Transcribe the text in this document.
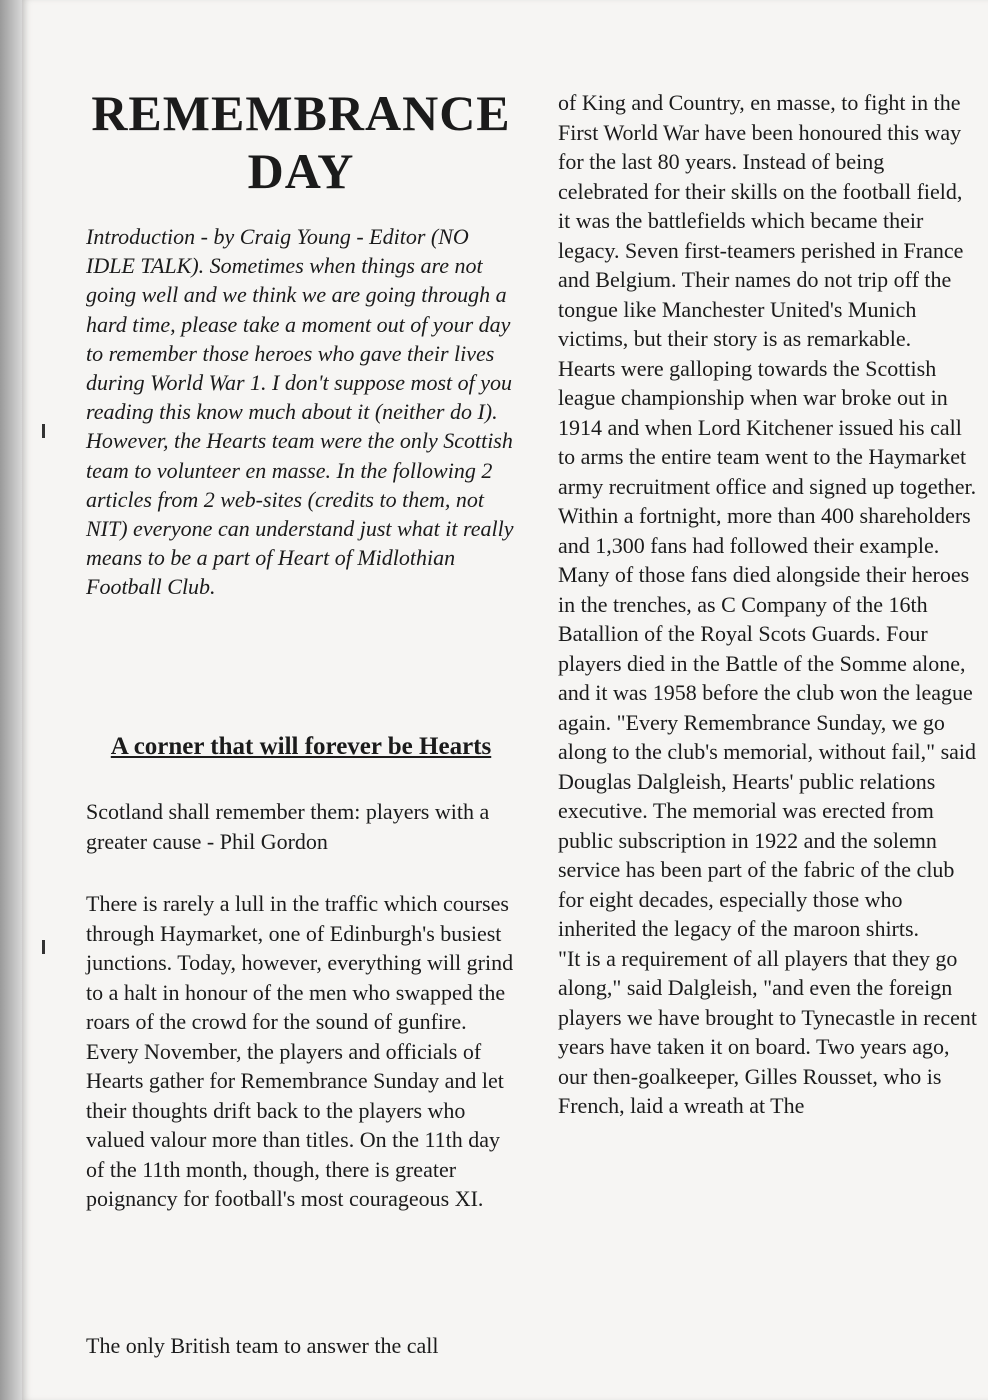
REMEMBRANCE DAY

Introduction - by Craig Young - Editor (NO IDLE TALK). Sometimes when things are not going well and we think we are going through a hard time, please take a moment out of your day to remember those heroes who gave their lives during World War 1. I don't suppose most of you reading this know much about it (neither do I). However, the Hearts team were the only Scottish team to volunteer en masse. In the following 2 articles from 2 web-sites (credits to them, not NIT) everyone can understand just what it really means to be a part of Heart of Midlothian Football Club.

A corner that will forever be Hearts

Scotland shall remember them: players with a greater cause - Phil Gordon

There is rarely a lull in the traffic which courses through Haymarket, one of Edinburgh's busiest junctions. Today, however, everything will grind to a halt in honour of the men who swapped the roars of the crowd for the sound of gunfire. Every November, the players and officials of Hearts gather for Remembrance Sunday and let their thoughts drift back to the players who valued valour more than titles. On the 11th day of the 11th month, though, there is greater poignancy for football's most courageous XI.

The only British team to answer the call

of King and Country, en masse, to fight in the First World War have been honoured this way for the last 80 years. Instead of being celebrated for their skills on the football field, it was the battlefields which became their legacy. Seven first-teamers perished in France and Belgium. Their names do not trip off the tongue like Manchester United's Munich victims, but their story is as remarkable.
Hearts were galloping towards the Scottish league championship when war broke out in 1914 and when Lord Kitchener issued his call to arms the entire team went to the Haymarket army recruitment office and signed up together. Within a fortnight, more than 400 shareholders and 1,300 fans had followed their example.
Many of those fans died alongside their heroes in the trenches, as C Company of the 16th Batallion of the Royal Scots Guards. Four players died in the Battle of the Somme alone, and it was 1958 before the club won the league again. "Every Remembrance Sunday, we go along to the club's memorial, without fail," said Douglas Dalgleish, Hearts' public relations executive. The memorial was erected from public subscription in 1922 and the solemn service has been part of the fabric of the club for eight decades, especially those who inherited the legacy of the maroon shirts.
"It is a requirement of all players that they go along," said Dalgleish, "and even the foreign players we have brought to Tynecastle in recent years have taken it on board. Two years ago, our then-goalkeeper, Gilles Rousset, who is French, laid a wreath at The
